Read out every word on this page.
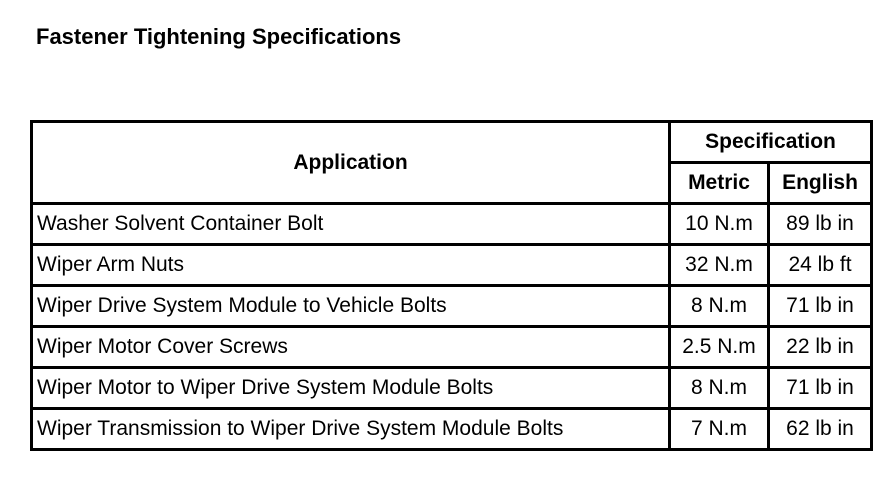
Fastener Tightening Specifications
Application	Specification	
	Metric	English
Washer Solvent Container Bolt	10 N.m	89 lb in
Wiper Arm Nuts	32 N.m	24 lb ft
Wiper Drive System Module to Vehicle Bolts	8 N.m	71 lb in
Wiper Motor Cover Screws	2.5 N.m	22 lb in
Wiper Motor to Wiper Drive System Module Bolts	8 N.m	71 lb in
Wiper Transmission to Wiper Drive System Module Bolts	7 N.m	62 lb in
